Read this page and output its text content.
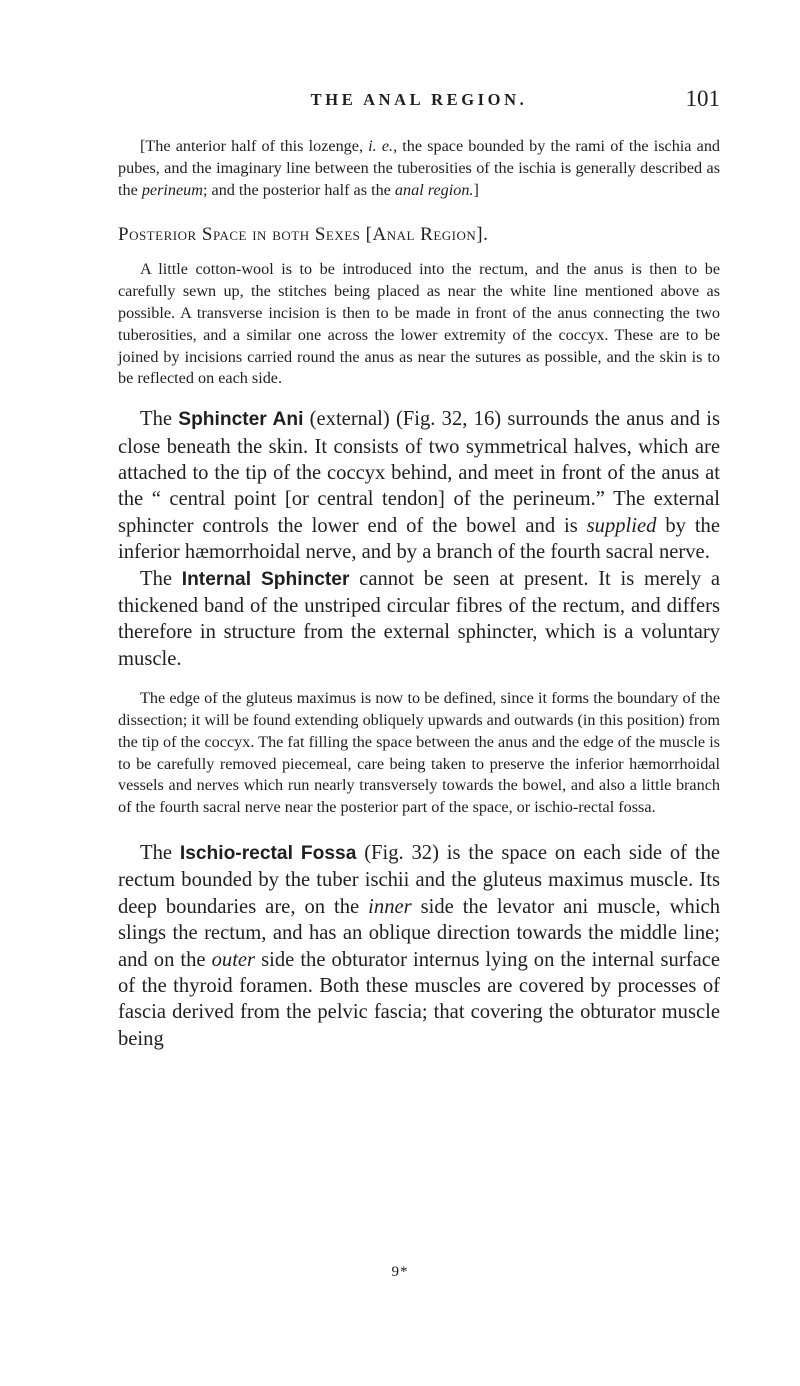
THE ANAL REGION.	101

[The anterior half of this lozenge, i. e., the space bounded by the rami of the ischia and pubes, and the imaginary line between the tuberosities of the ischia is generally described as the perineum; and the posterior half as the anal region.]

Posterior Space in both Sexes [Anal Region].

A little cotton-wool is to be introduced into the rectum, and the anus is then to be carefully sewn up, the stitches being placed as near the white line mentioned above as possible. A transverse incision is then to be made in front of the anus connecting the two tuberosities, and a similar one across the lower extremity of the coccyx. These are to be joined by incisions carried round the anus as near the sutures as possible, and the skin is to be reflected on each side.

The Sphincter Ani (external) (Fig. 32, 16) surrounds the anus and is close beneath the skin. It consists of two symmetrical halves, which are attached to the tip of the coccyx behind, and meet in front of the anus at the “ central point [or central tendon] of the perineum.” The external sphincter controls the lower end of the bowel and is supplied by the inferior hæmorrhoidal nerve, and by a branch of the fourth sacral nerve.

The Internal Sphincter cannot be seen at present. It is merely a thickened band of the unstriped circular fibres of the rectum, and differs therefore in structure from the external sphincter, which is a voluntary muscle.

The edge of the gluteus maximus is now to be defined, since it forms the boundary of the dissection; it will be found extending obliquely upwards and outwards (in this position) from the tip of the coccyx. The fat filling the space between the anus and the edge of the muscle is to be carefully removed piecemeal, care being taken to preserve the inferior hæmorrhoidal vessels and nerves which run nearly transversely towards the bowel, and also a little branch of the fourth sacral nerve near the posterior part of the space, or ischio-rectal fossa.

The Ischio-rectal Fossa (Fig. 32) is the space on each side of the rectum bounded by the tuber ischii and the gluteus maximus muscle. Its deep boundaries are, on the inner side the levator ani muscle, which slings the rectum, and has an oblique direction towards the middle line; and on the outer side the obturator internus lying on the internal surface of the thyroid foramen. Both these muscles are covered by processes of fascia derived from the pelvic fascia; that covering the obturator muscle being

9*
